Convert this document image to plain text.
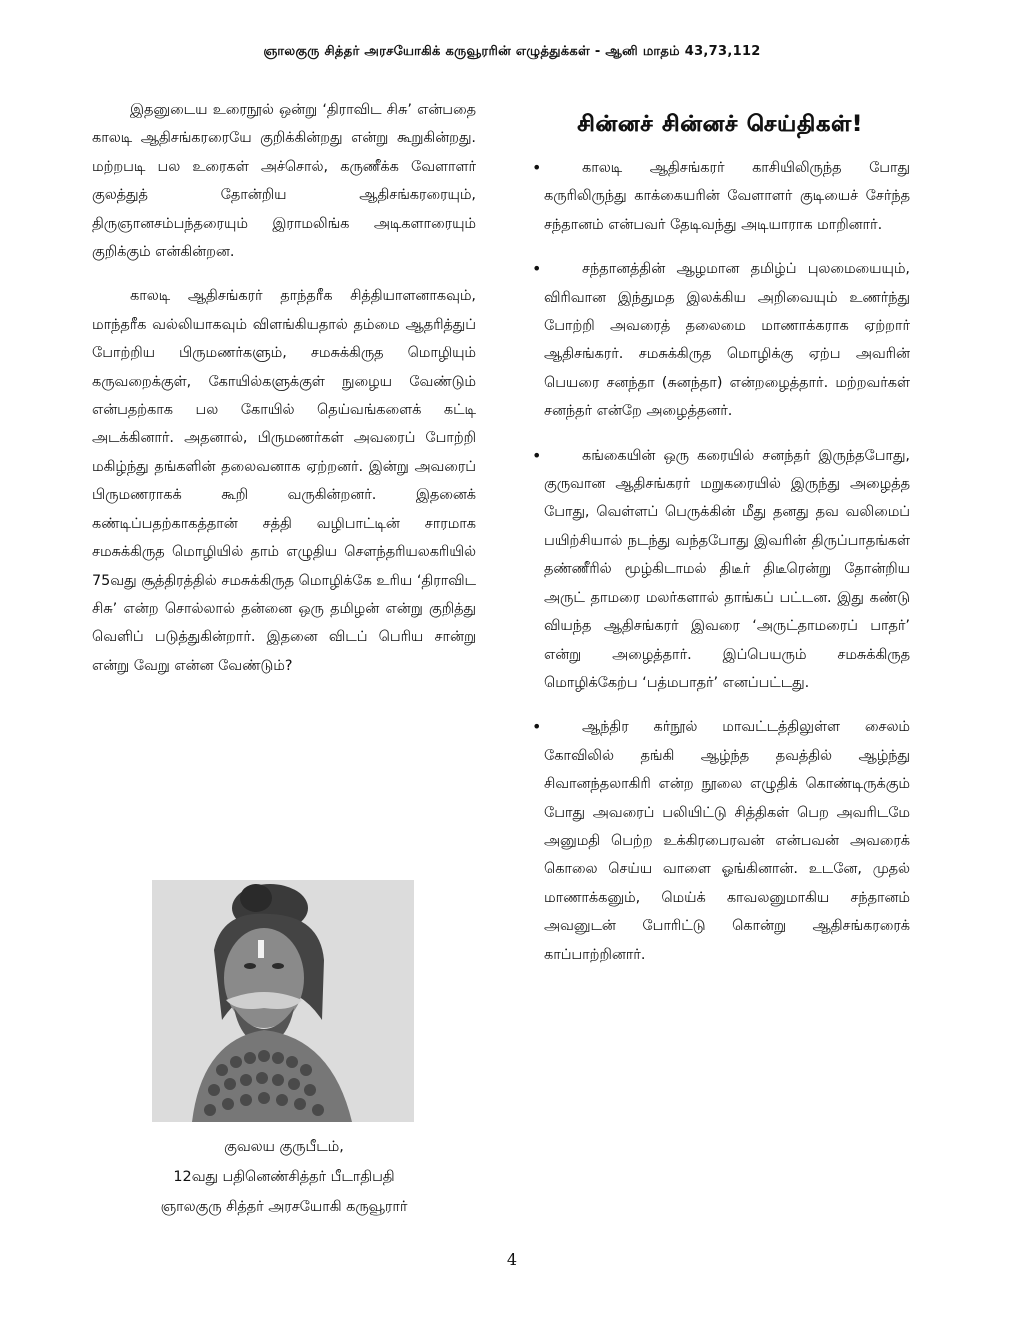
ஞாலகுரு சித்தர் அரசயோகிக் கருவூரரின் எழுத்துக்கள் - ஆனி மாதம் 43,73,112

இதனுடைய உரைநூல் ஒன்று ‘திராவிட சிசு’ என்பதை காலடி ஆதிசங்கரரையே குறிக்கின்றது என்று கூறுகின்றது. மற்றபடி பல உரைகள் அச்சொல், கருணீக்க வேளாளர் குலத்துத் தோன்றிய ஆதிசங்கரரையும், திருஞானசம்பந்தரையும் இராமலிங்க அடிகளாரையும் குறிக்கும் என்கின்றன.

காலடி ஆதிசங்கரர் தாந்தரீக சித்தியாளனாகவும், மாந்தரீக வல்லியாகவும் விளங்கியதால் தம்மை ஆதரித்துப் போற்றிய பிருமணர்களும், சமசுக்கிருத மொழியும் கருவறைக்குள், கோயில்களுக்குள் நுழைய வேண்டும் என்பதற்காக பல கோயில் தெய்வங்களைக் கட்டி அடக்கினார். அதனால், பிருமணர்கள் அவரைப் போற்றி மகிழ்ந்து தங்களின் தலைவனாக ஏற்றனர். இன்று அவரைப் பிருமணராகக் கூறி வருகின்றனர். இதனைக் கண்டிப்பதற்காகத்தான் சத்தி வழிபாட்டின் சாரமாக சமசுக்கிருத மொழியில் தாம் எழுதிய சௌந்தரியலகரியில் 75வது சூத்திரத்தில் சமசுக்கிருத மொழிக்கே உரிய ‘திராவிட சிசு’ என்ற சொல்லால் தன்னை ஒரு தமிழன் என்று குறித்து வெளிப் படுத்துகின்றார். இதனை விடப் பெரிய சான்று என்று வேறு என்ன வேண்டும்?

குவலய குருபீடம்,
12வது பதினெண்சித்தர் பீடாதிபதி
ஞாலகுரு சித்தர் அரசயோகி கருவூரார்
சின்னச் சின்னச் செய்திகள்!
•	காலடி ஆதிசங்கரர் காசியிலிருந்த போது கருரிலிருந்து காக்கையரின் வேளாளர் குடியைச் சேர்ந்த சந்தானம் என்பவர் தேடிவந்து அடியாராக மாறினார்.
•	சந்தானத்தின் ஆழமான தமிழ்ப் புலமையையும், விரிவான இந்துமத இலக்கிய அறிவையும் உணர்ந்து போற்றி அவரைத் தலைமை மாணாக்கராக ஏற்றார் ஆதிசங்கரர். சமசுக்கிருத மொழிக்கு ஏற்ப அவரின் பெயரை சனந்தா (சுனந்தா) என்றழைத்தார். மற்றவர்கள் சனந்தர் என்றே அழைத்தனர்.
•	கங்கையின் ஒரு கரையில் சனந்தர் இருந்தபோது, குருவான ஆதிசங்கரர் மறுகரையில் இருந்து அழைத்த போது, வெள்ளப் பெருக்கின் மீது தனது தவ வலிமைப் பயிற்சியால் நடந்து வந்தபோது இவரின் திருப்பாதங்கள் தண்ணீரில் மூழ்கிடாமல் திடீர் திடீரென்று தோன்றிய அருட் தாமரை மலர்களால் தாங்கப் பட்டன. இது கண்டு வியந்த ஆதிசங்கரர் இவரை ‘அருட்தாமரைப் பாதர்’ என்று அழைத்தார். இப்பெயரும் சமசுக்கிருத மொழிக்கேற்ப ‘பத்மபாதர்’ எனப்பட்டது.
•	ஆந்திர கர்நூல் மாவட்டத்திலுள்ள சைலம் கோவிலில் தங்கி ஆழ்ந்த தவத்தில் ஆழ்ந்து சிவானந்தலாகிரி என்ற நூலை எழுதிக் கொண்டிருக்கும் போது அவரைப் பலியிட்டு சித்திகள் பெற அவரிடமே அனுமதி பெற்ற உக்கிரபைரவன் என்பவன் அவரைக் கொலை செய்ய வாளை ஓங்கினான். உடனே, முதல் மாணாக்கனும், மெய்க் காவலனுமாகிய சந்தானம் அவனுடன் போரிட்டு கொன்று ஆதிசங்கரரைக் காப்பாற்றினார்.
4
